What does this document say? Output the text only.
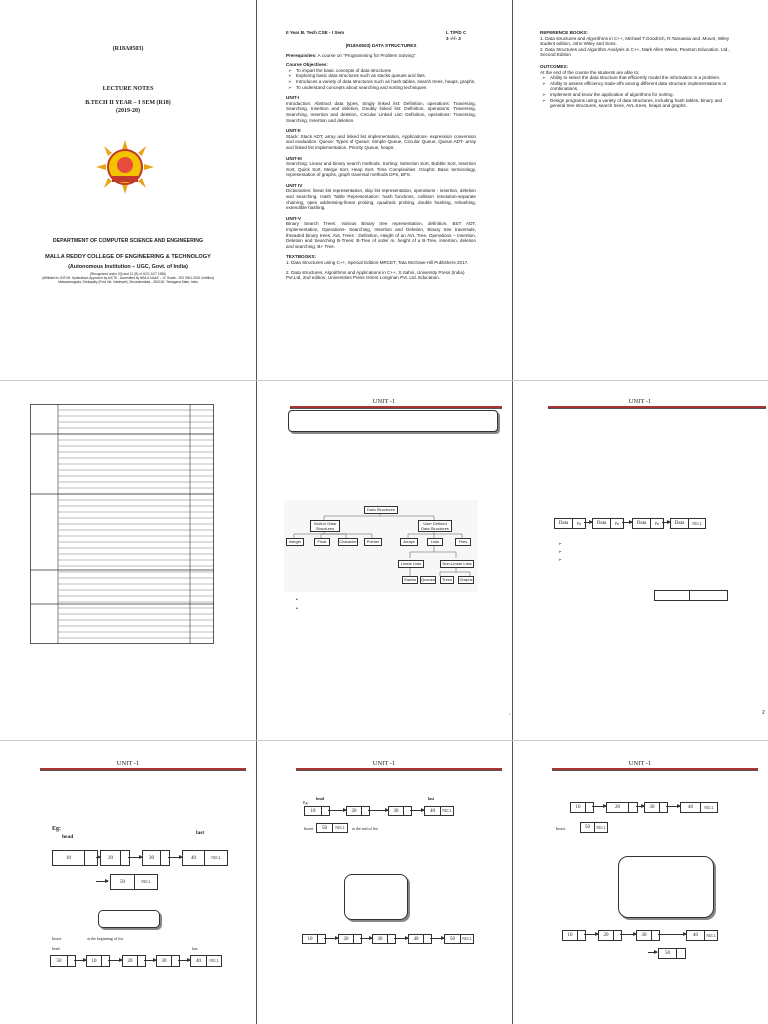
(R18A0503)
LECTURE NOTES
B.TECH II YEAR – I SEM (R18)
(2019-20)
DEPARTMENT OF COMPUTER SCIENCE AND ENGINEERING
MALLA REDDY COLLEGE OF ENGINEERING & TECHNOLOGY
(Autonomous Institution – UGC, Govt. of India)
(Recognized under 2(f) and 12 (B) of UGC ACT 1956)
(Affiliated to JNTUH, Hyderabad, Approved by AICTE - Accredited by NBA & NAAC – 'A' Grade - ISO 9001:2015 Certified)
Maisammaguda, Dhulapally (Post Via. Hakimpet), Secunderabad – 500100, Telangana State, India
II Year B. Tech CSE - I Sem	L T/P/D C
3 -/-/- 3
(R18A0503) DATA STRUCTURES
Prerequisites: A course on "Programming for Problem Solving".
Course Objectives:
➢ To impart the basic concepts of data structures
➢ Exploring basic data structures such as stacks queues and lists.
➢ Introduces a variety of data structures such as hash tables, search trees, heaps, graphs.
➢ To understand concepts about searching and sorting techniques
UNIT-I
Introduction: Abstract data types, Singly linked list: Definition, operations: Traversing, Searching, Insertion and deletion, Doubly linked list: Definition, operations: Traversing, Searching, Insertion and deletion, Circular Linked List: Definition, operations: Traversing, Searching, Insertion and deletion.
UNIT-II
Stack: Stack ADT, array and linked list implementation, Applications- expression conversion and evaluation. Queue: Types of Queue: Simple Queue, Circular Queue, Queue ADT- array and linked list implementation. Priority Queue, heaps.
UNIT-III
Searching: Linear and binary search methods. Sorting: Selection Sort, Bubble Sort, Insertion Sort, Quick Sort, Merge Sort, Heap Sort. Time Complexities .Graphs: Basic terminology, representation of graphs, graph traversal methods DFS, BFS.
UNIT IV
Dictionaries: linear list representation, skip list representation, operations - insertion, deletion and searching. Hash Table Representation: hash functions, collision resolution-separate chaining, open addressing-linear probing, quadratic probing, double hashing, rehashing, extendible hashing.
UNIT-V
Binary Search Trees: Various Binary tree representation, definition, BST ADT, Implementation, Operations- Searching, Insertion and Deletion, Binary tree traversals, threaded binary trees, AVL Trees : Definition, Height of an AVL Tree, Operations – Insertion, Deletion and Searching B-Trees: B-Tree of order m, height of a B-Tree, insertion, deletion and searching, B+ Tree.
TEXTBOOKS:
1. Data Structures using C++, Special Edition-MRCET, Tata McGraw-Hill Publishers 2017.
2. Data structures, Algorithms and Applications in C++, S.Sahni, University Press (India) Pvt.Ltd, 2nd edition, Universities Press Orient Longman Pvt. Ltd. Education.
REFERENCE BOOKS:
1. Data structures and Algorithms in C++, Michael T.Goodrich, R.Tamassia and .Mount, Wiley student edition, John Wiley and Sons.
2. Data Structures and Algorithm Analysis in C++, Mark Allen Weiss, Pearson Education. Ltd., Second Edition
OUTCOMES:
At the end of the course the students are able to:
➢ Ability to select the data structure that efficiently model the information in a problem.
➢ Ability to assess efficiency trade-offs among different data structure implementations or combinations.
➢ Implement and know the application of algorithms for sorting .
➢ Design programs using a variety of data structures, including hash tables, binary and general tree structures, search trees, AVL-trees, heaps and graphs.
UNIT -1
Data Structures
Built-in Data Structures
User Defined Data Structures
Integer	Float	Character	Pointer	Arrays	Lists	Files
Linear Lists	Non-Linear Lists
Stacks	Queues	Trees	Graphs
•
•
UNIT -1
Data	Ptr	Data	Ptr	Data	Ptr	Data	NULL
➢
➢
➢
,	2
UNIT -1
Eg:
head
last
10	20	30	40	NULL
50	NULL
Insert	at the beginning of list
head	last
50	10	20	30	40	NULL
UNIT -1
Eg:
head	last
10	20	30	40	NULL
Insert	50	NULL	at the end of list
10	20	30	40	50	NULL
UNIT -1
10	20	30	40	NULL
Insert	50	NULL
10	20	30	40	NULL
50
